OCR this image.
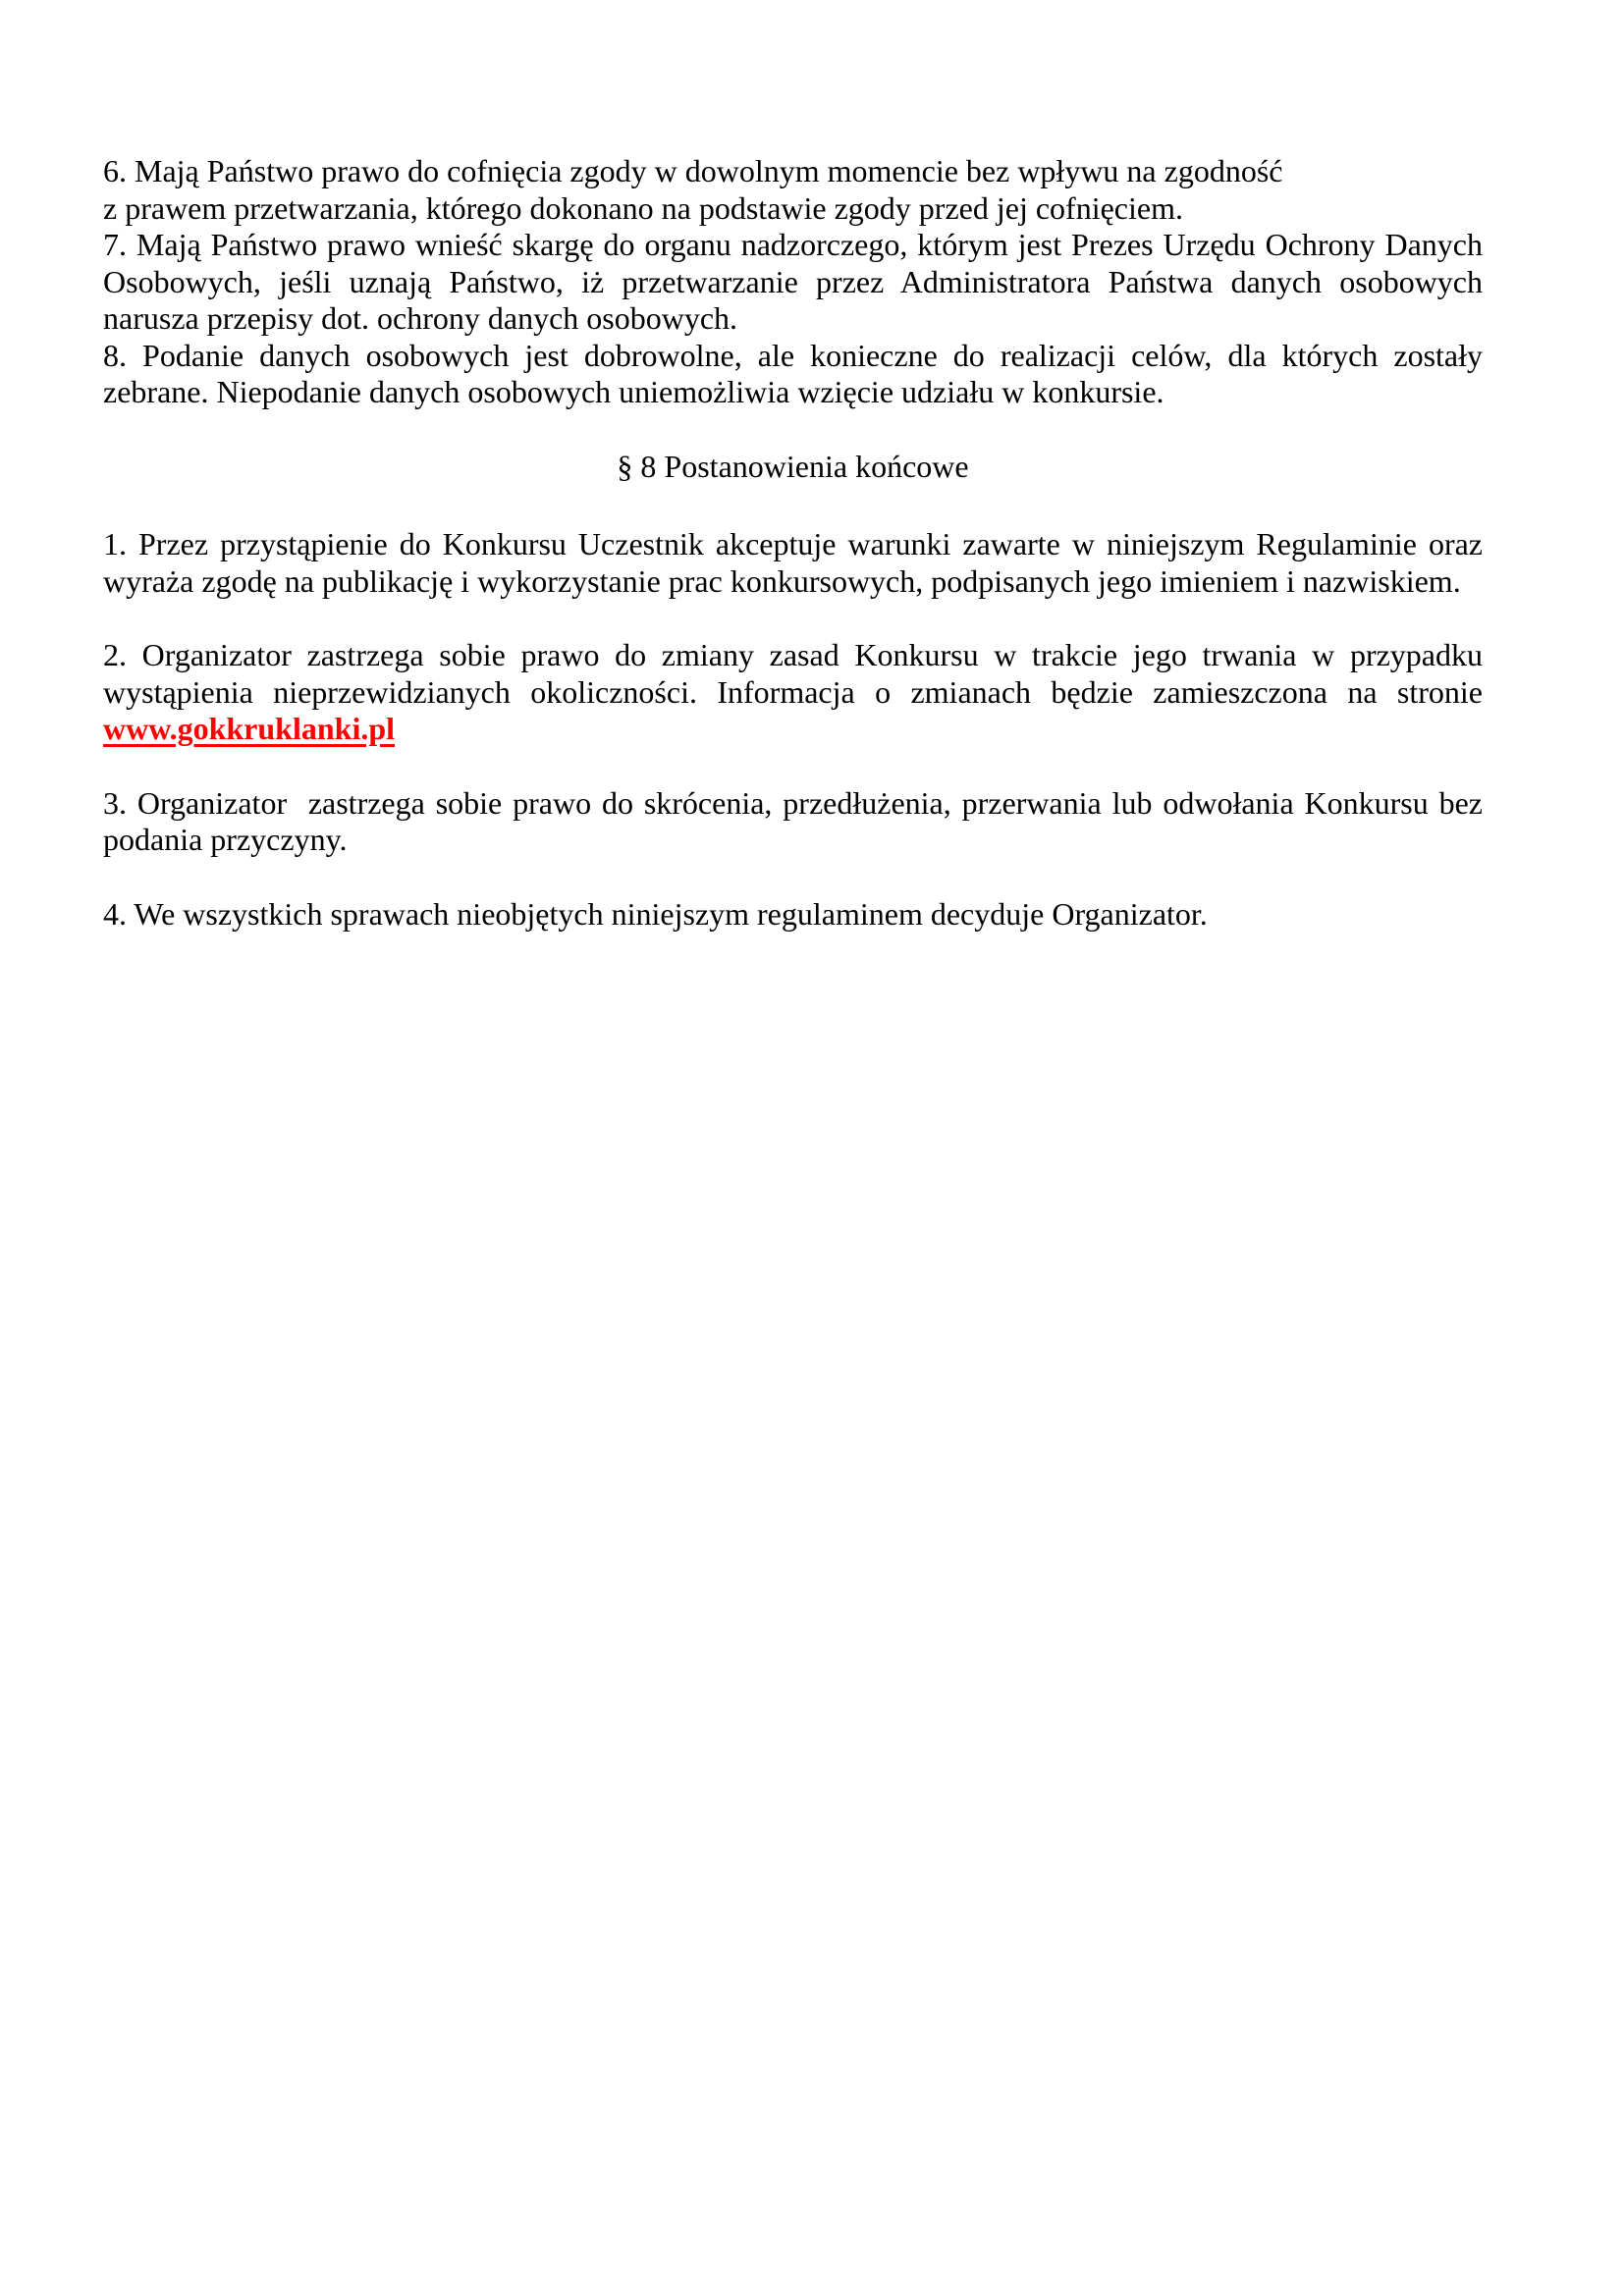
6. Mają Państwo prawo do cofnięcia zgody w dowolnym momencie bez wpływu na zgodność
z prawem przetwarzania, którego dokonano na podstawie zgody przed jej cofnięciem.

7. Mają Państwo prawo wnieść skargę do organu nadzorczego, którym jest Prezes Urzędu Ochrony Danych Osobowych, jeśli uznają Państwo, iż przetwarzanie przez Administratora Państwa danych osobowych narusza przepisy dot. ochrony danych osobowych.

8. Podanie danych osobowych jest dobrowolne, ale konieczne do realizacji celów, dla których zostały zebrane. Niepodanie danych osobowych uniemożliwia wzięcie udziału w konkursie.

§ 8 Postanowienia końcowe

1. Przez przystąpienie do Konkursu Uczestnik akceptuje warunki zawarte w niniejszym Regulaminie oraz wyraża zgodę na publikację i wykorzystanie prac konkursowych, podpisanych jego imieniem i nazwiskiem.

2. Organizator zastrzega sobie prawo do zmiany zasad Konkursu w trakcie jego trwania w przypadku wystąpienia nieprzewidzianych okoliczności. Informacja o zmianach będzie zamieszczona na stronie www.gokkruklanki.pl

3. Organizator  zastrzega sobie prawo do skrócenia, przedłużenia, przerwania lub odwołania Konkursu bez podania przyczyny.

4. We wszystkich sprawach nieobjętych niniejszym regulaminem decyduje Organizator.
